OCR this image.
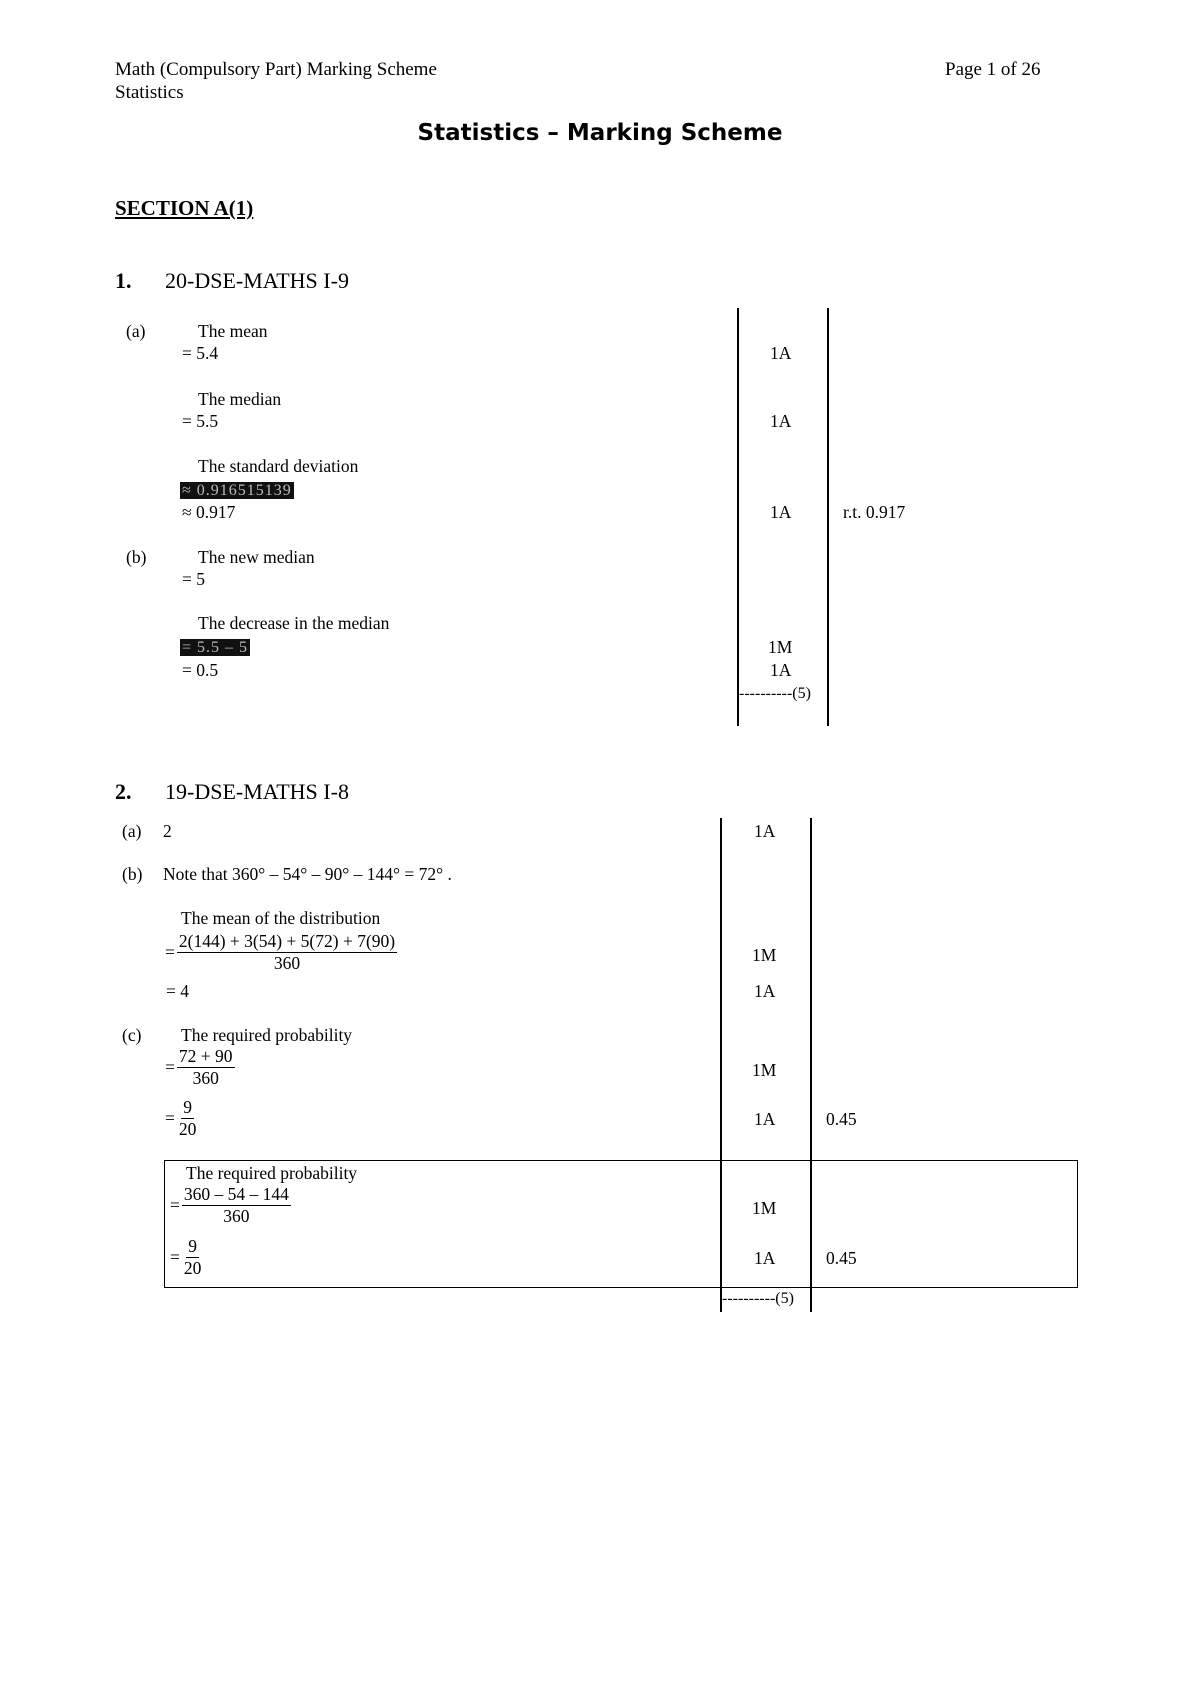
Math (Compulsory Part) Marking Scheme
Statistics
Page 1 of 26
Statistics – Marking Scheme
SECTION A(1)
1. 20-DSE-MATHS I-9
(a)	The mean
= 5.4	1A
The median
= 5.5	1A
The standard deviation
≈ 0.916515139
≈ 0.917	1A	r.t. 0.917
(b)	The new median
= 5
The decrease in the median
= 5.5 – 5	1M
= 0.5	1A
----------(5)
2. 19-DSE-MATHS I-8
(a) 2	1A
(b) Note that 360° – 54° – 90° – 144° = 72° .
The mean of the distribution
= $\frac{2(144) + 3(54) + 5(72) + 7(90)}{360}$	1M
= 4	1A
(c) The required probability
= $\frac{72 + 90}{360}$	1M
= $\frac{9}{20}$	1A	0.45
The required probability
= $\frac{360 - 54 - 144}{360}$	1M
= $\frac{9}{20}$	1A	0.45
----------(5)
